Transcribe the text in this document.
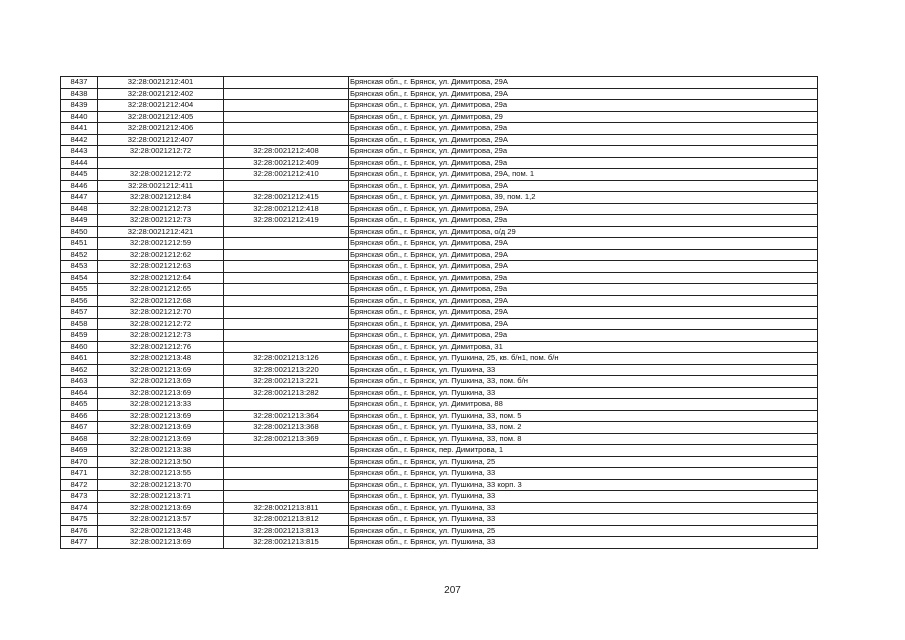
8437	32:28:0021212:401		Брянская обл., г. Брянск, ул. Димитрова, 29А
8438	32:28:0021212:402		Брянская обл., г. Брянск, ул. Димитрова, 29А
8439	32:28:0021212:404		Брянская обл., г. Брянск, ул. Димитрова, 29а
8440	32:28:0021212:405		Брянская обл., г. Брянск, ул. Димитрова, 29
8441	32:28:0021212:406		Брянская обл., г. Брянск, ул. Димитрова, 29а
8442	32:28:0021212:407		Брянская обл., г. Брянск, ул. Димитрова, 29А
8443	32:28:0021212:72	32:28:0021212:408	Брянская обл., г. Брянск, ул. Димитрова, 29а
8444		32:28:0021212:409	Брянская обл., г. Брянск, ул. Димитрова, 29а
8445	32:28:0021212:72	32:28:0021212:410	Брянская обл., г. Брянск, ул. Димитрова, 29А, пом. 1
8446	32:28:0021212:411		Брянская обл., г. Брянск, ул. Димитрова, 29А
8447	32:28:0021212:84	32:28:0021212:415	Брянская обл., г. Брянск, ул. Димитрова, 39, пом. 1,2
8448	32:28:0021212:73	32:28:0021212:418	Брянская обл., г. Брянск, ул. Димитрова, 29А
8449	32:28:0021212:73	32:28:0021212:419	Брянская обл., г. Брянск, ул. Димитрова, 29а
8450	32:28:0021212:421		Брянская обл., г. Брянск, ул. Димитрова, о/д 29
8451	32:28:0021212:59		Брянская обл., г. Брянск, ул. Димитрова, 29А
8452	32:28:0021212:62		Брянская обл., г. Брянск, ул. Димитрова, 29А
8453	32:28:0021212:63		Брянская обл., г. Брянск, ул. Димитрова, 29А
8454	32:28:0021212:64		Брянская обл., г. Брянск, ул. Димитрова, 29а
8455	32:28:0021212:65		Брянская обл., г. Брянск, ул. Димитрова, 29а
8456	32:28:0021212:68		Брянская обл., г. Брянск, ул. Димитрова, 29А
8457	32:28:0021212:70		Брянская обл., г. Брянск, ул. Димитрова, 29А
8458	32:28:0021212:72		Брянская обл., г. Брянск, ул. Димитрова, 29А
8459	32:28:0021212:73		Брянская обл., г. Брянск, ул. Димитрова, 29а
8460	32:28:0021212:76		Брянская обл., г. Брянск, ул. Димитрова, 31
8461	32:28:0021213:48	32:28:0021213:126	Брянская обл., г. Брянск, ул. Пушкина, 25, кв. б/н1, пом. б/н
8462	32:28:0021213:69	32:28:0021213:220	Брянская обл., г. Брянск, ул. Пушкина, 33
8463	32:28:0021213:69	32:28:0021213:221	Брянская обл., г. Брянск, ул. Пушкина, 33, пом. б/н
8464	32:28:0021213:69	32:28:0021213:282	Брянская обл., г. Брянск, ул. Пушкина, 33
8465	32:28:0021213:33		Брянская обл., г. Брянск, ул. Димитрова, 88
8466	32:28:0021213:69	32:28:0021213:364	Брянская обл., г. Брянск, ул. Пушкина, 33, пом. 5
8467	32:28:0021213:69	32:28:0021213:368	Брянская обл., г. Брянск, ул. Пушкина, 33, пом. 2
8468	32:28:0021213:69	32:28:0021213:369	Брянская обл., г. Брянск, ул. Пушкина, 33, пом. 8
8469	32:28:0021213:38		Брянская обл., г. Брянск, пер. Димитрова, 1
8470	32:28:0021213:50		Брянская обл., г. Брянск, ул. Пушкина, 25
8471	32:28:0021213:55		Брянская обл., г. Брянск, ул. Пушкина, 33
8472	32:28:0021213:70		Брянская обл., г. Брянск, ул. Пушкина, 33 корп. 3
8473	32:28:0021213:71		Брянская обл., г. Брянск, ул. Пушкина, 33
8474	32:28:0021213:69	32:28:0021213:811	Брянская обл., г. Брянск, ул. Пушкина, 33
8475	32:28:0021213:57	32:28:0021213:812	Брянская обл., г. Брянск, ул. Пушкина, 33
8476	32:28:0021213:48	32:28:0021213:813	Брянская обл., г. Брянск, ул. Пушкина, 25
8477	32:28:0021213:69	32:28:0021213:815	Брянская обл., г. Брянск, ул. Пушкина, 33
207
